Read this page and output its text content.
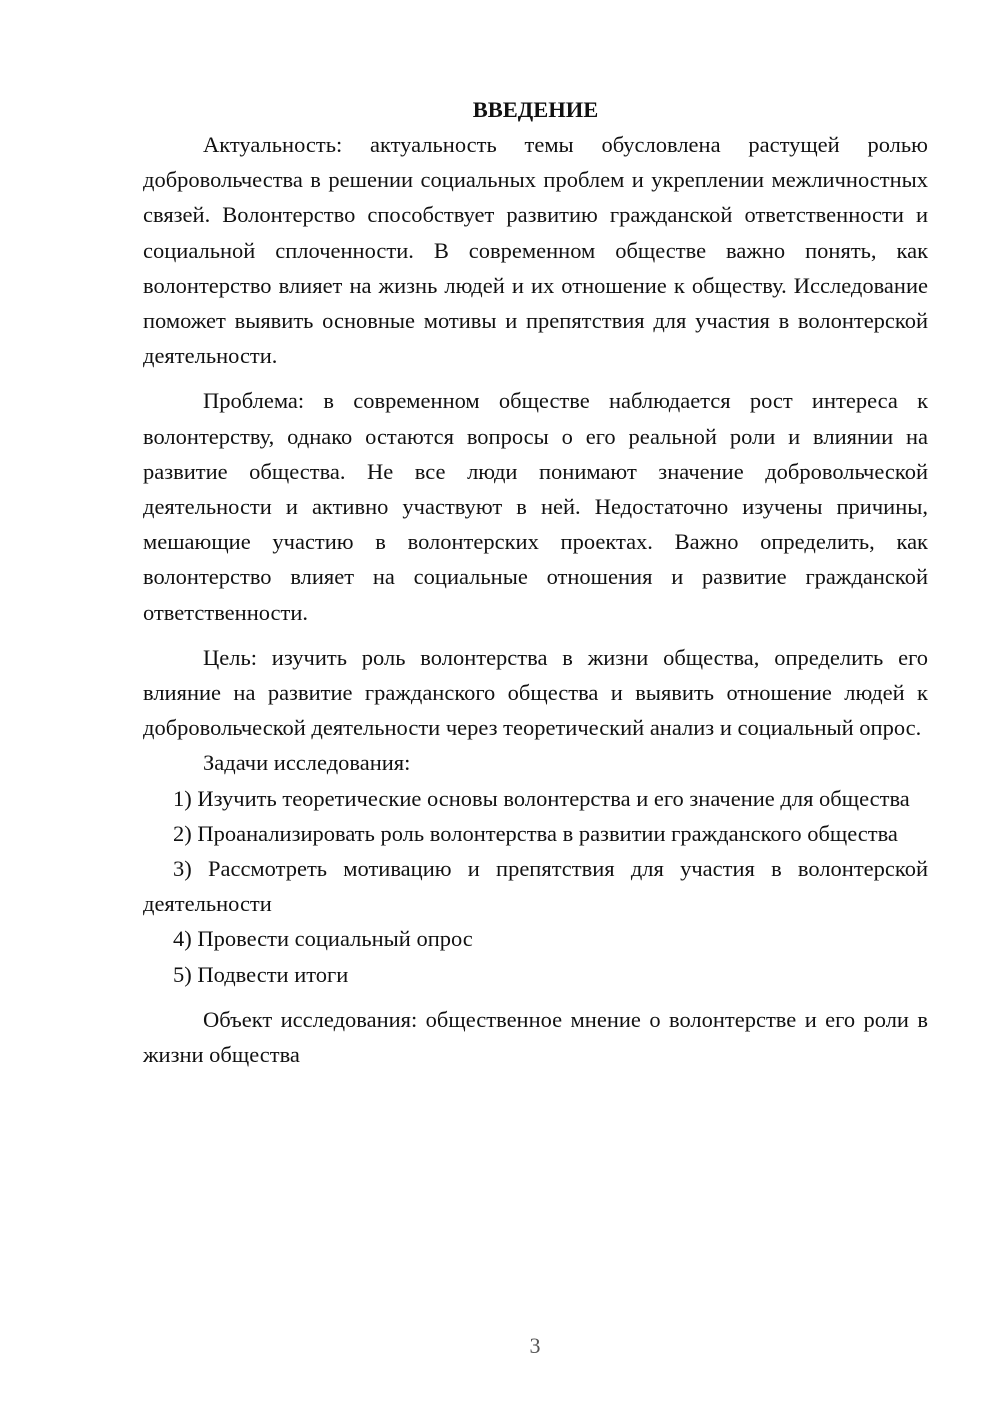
ВВЕДЕНИЕ

Актуальность: актуальность темы обусловлена растущей ролью добровольчества в решении социальных проблем и укреплении межличностных связей. Волонтерство способствует развитию гражданской ответственности и социальной сплоченности. В современном обществе важно понять, как волонтерство влияет на жизнь людей и их отношение к обществу. Исследование поможет выявить основные мотивы и препятствия для участия в волонтерской деятельности.

Проблема: в современном обществе наблюдается рост интереса к волонтерству, однако остаются вопросы о его реальной роли и влиянии на развитие общества. Не все люди понимают значение добровольческой деятельности и активно участвуют в ней. Недостаточно изучены причины, мешающие участию в волонтерских проектах. Важно определить, как волонтерство влияет на социальные отношения и развитие гражданской ответственности.

Цель: изучить роль волонтерства в жизни общества, определить его влияние на развитие гражданского общества и выявить отношение людей к добровольческой деятельности через теоретический анализ и социальный опрос.

Задачи исследования:

1) Изучить теоретические основы волонтерства и его значение для общества

2) Проанализировать роль волонтерства в развитии гражданского общества

3) Рассмотреть мотивацию и препятствия для участия в волонтерской деятельности

4) Провести социальный опрос

5) Подвести итоги

Объект исследования: общественное мнение о волонтерстве и его роли в жизни общества

3
